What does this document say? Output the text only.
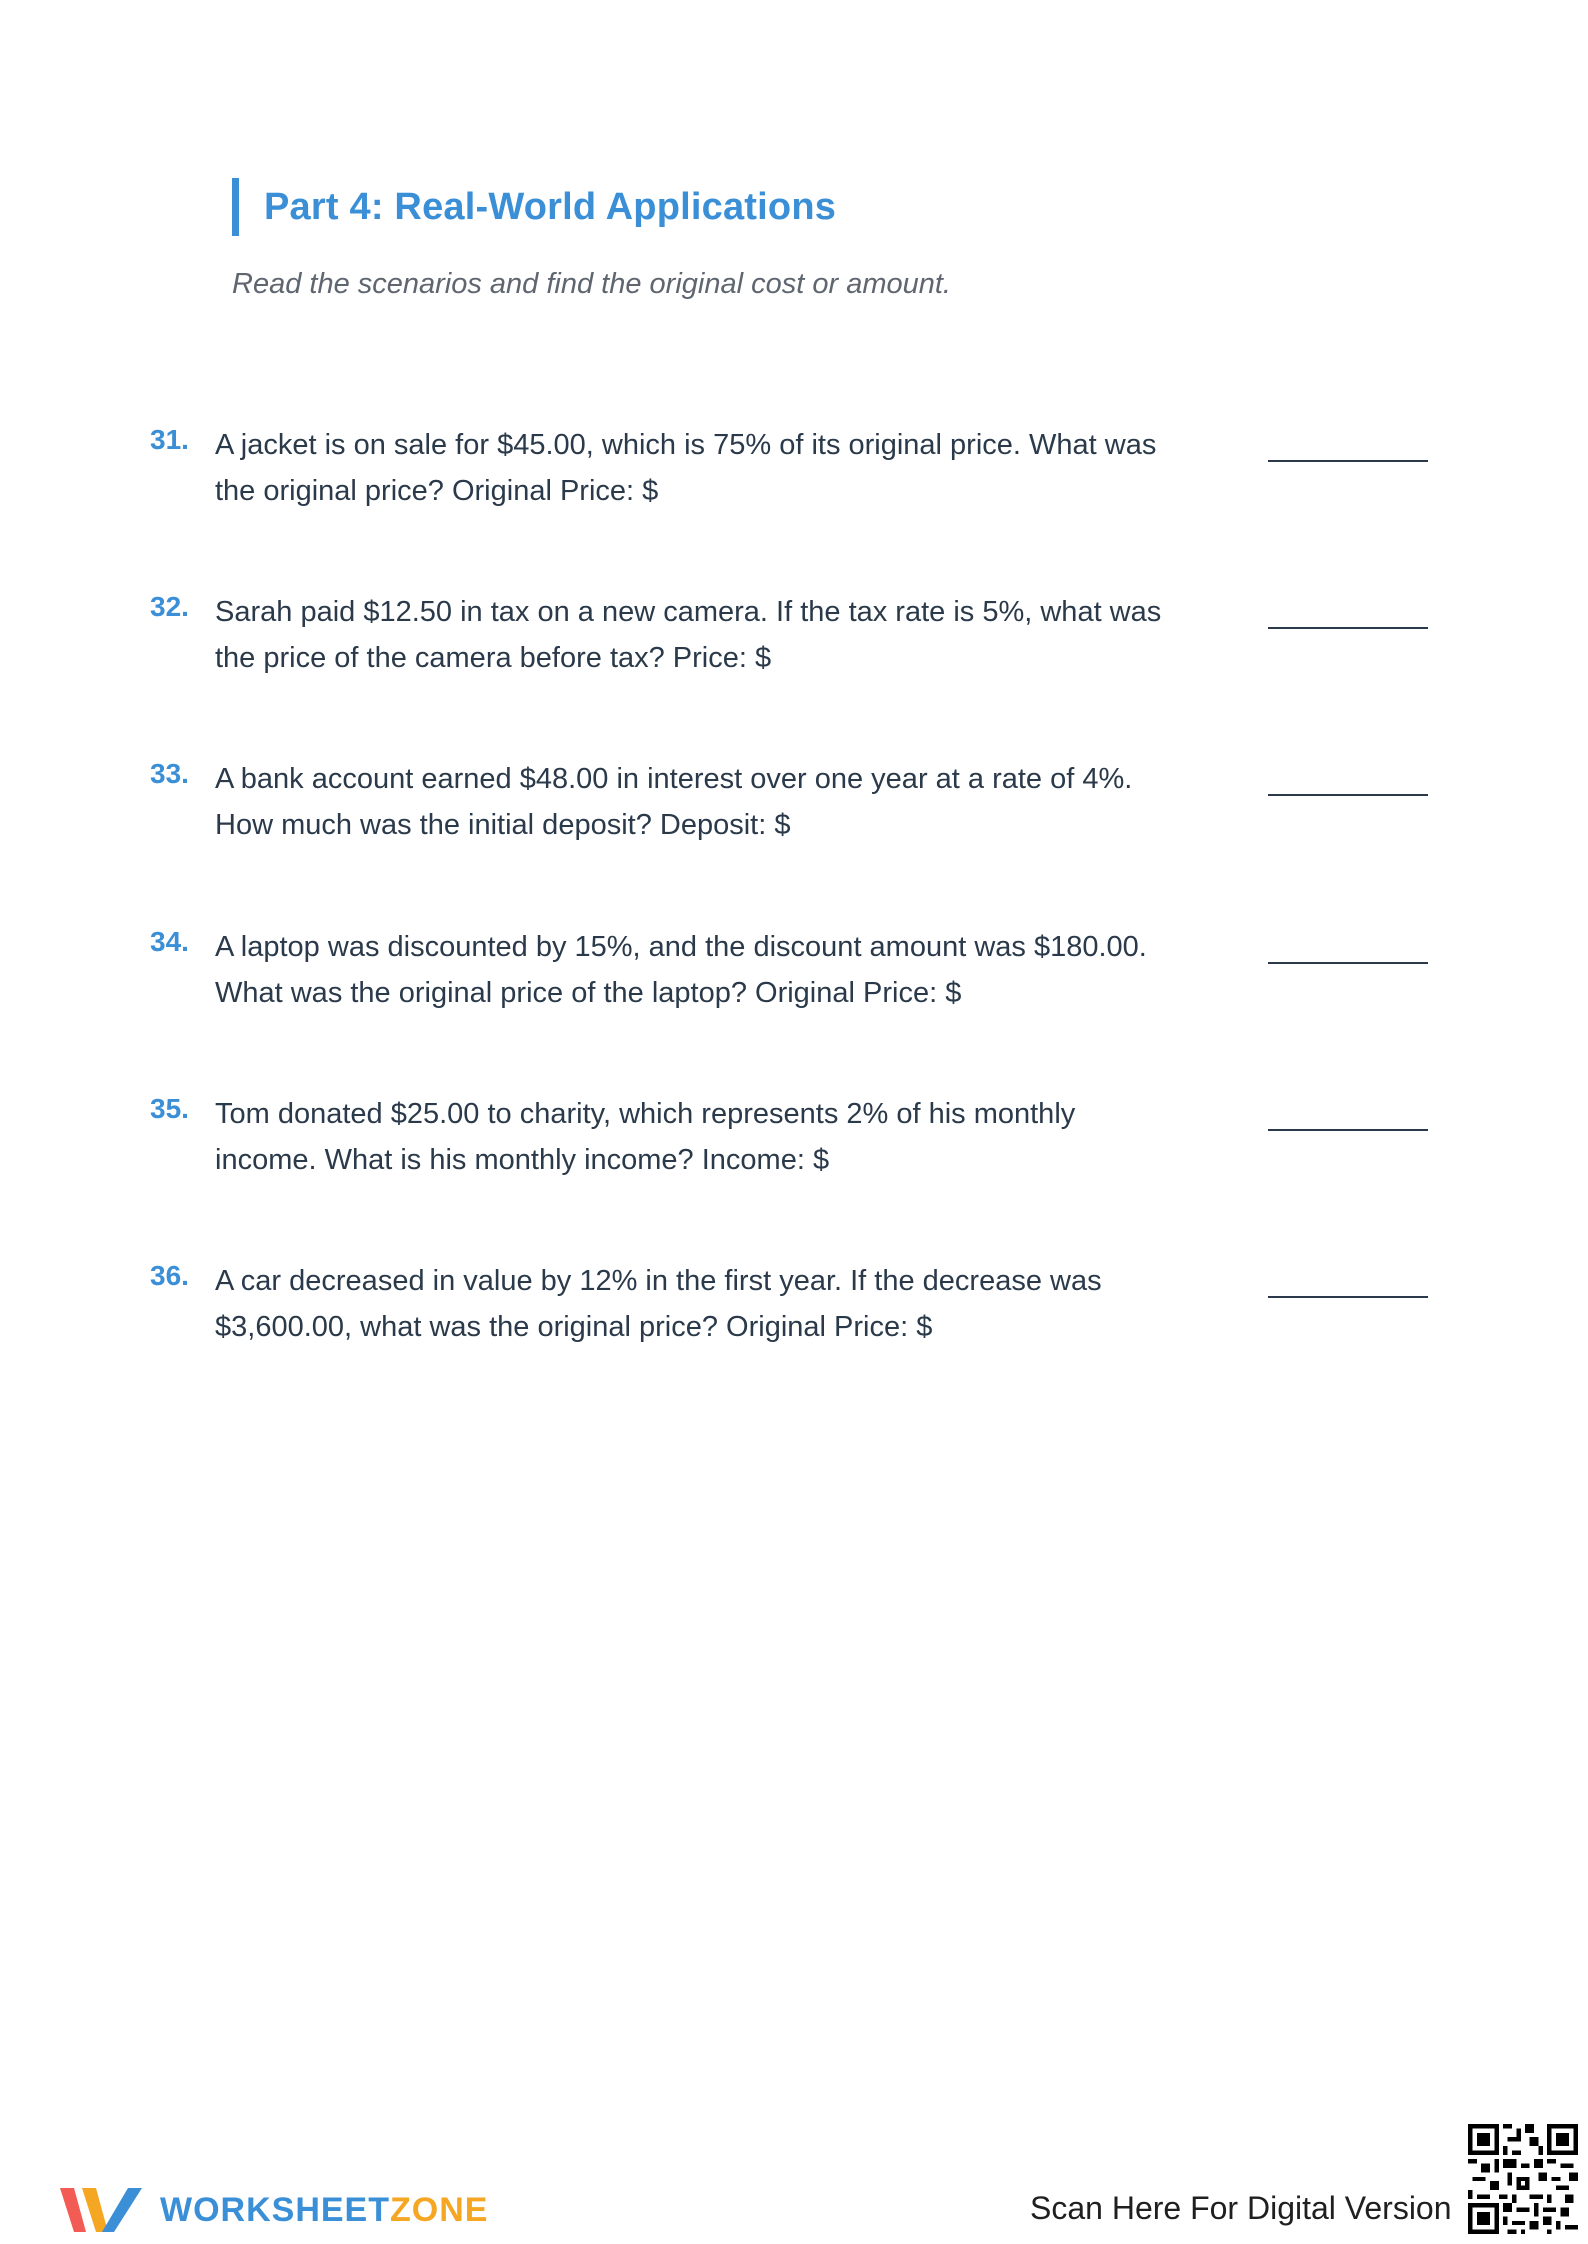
Part 4: Real-World Applications
Read the scenarios and find the original cost or amount.
31. A jacket is on sale for $45.00, which is 75% of its original price. What was
the original price? Original Price: $
32. Sarah paid $12.50 in tax on a new camera. If the tax rate is 5%, what was
the price of the camera before tax? Price: $
33. A bank account earned $48.00 in interest over one year at a rate of 4%.
How much was the initial deposit? Deposit: $
34. A laptop was discounted by 15%, and the discount amount was $180.00.
What was the original price of the laptop? Original Price: $
35. Tom donated $25.00 to charity, which represents 2% of his monthly
income. What is his monthly income? Income: $
36. A car decreased in value by 12% in the first year. If the decrease was
$3,600.00, what was the original price? Original Price: $
WORKSHEETZONE	Scan Here For Digital Version
